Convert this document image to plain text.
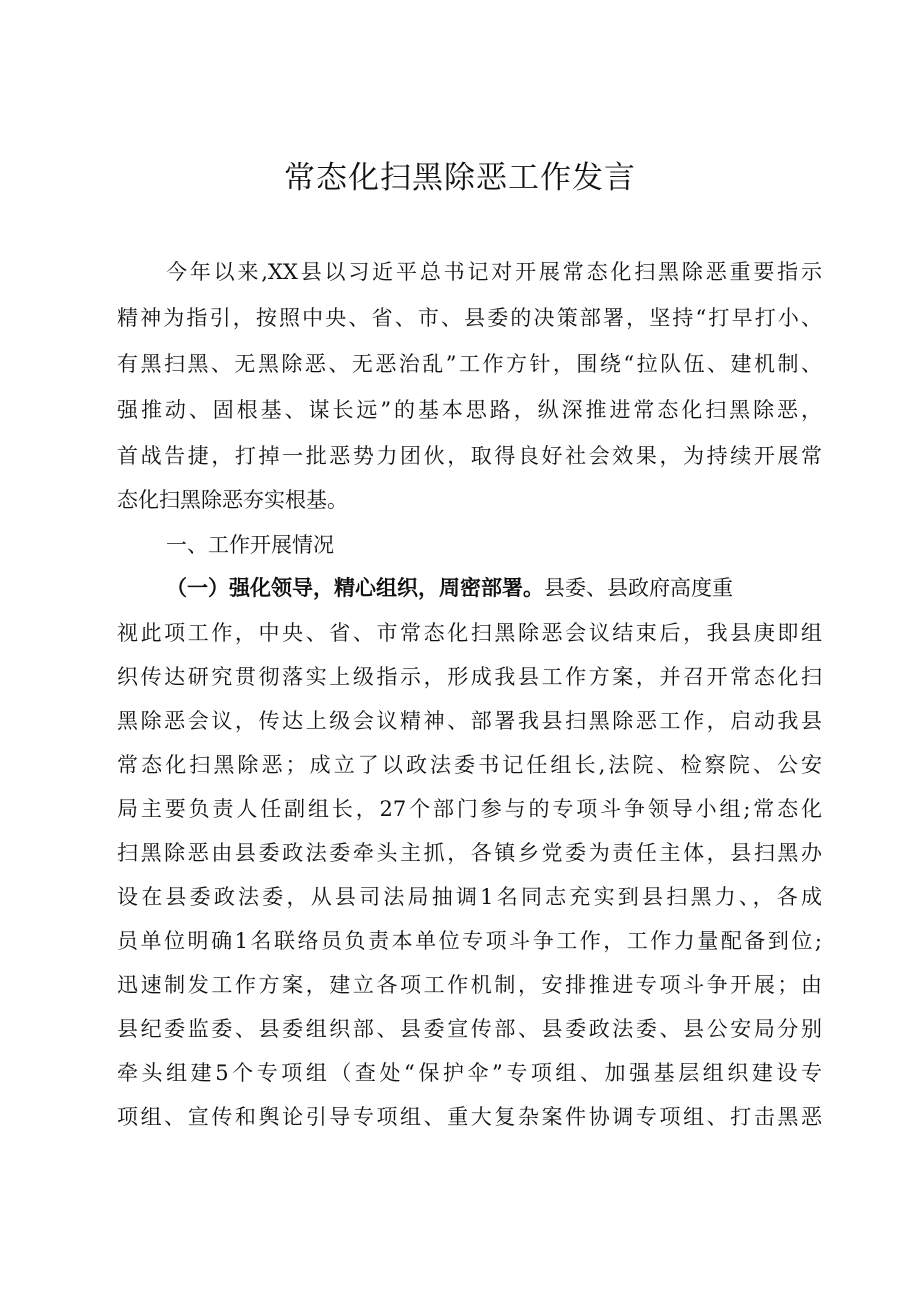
常态化扫黑除恶工作发言
今年以来,XX县以习近平总书记对开展常态化扫黑除恶重要指示
精神为指引，按照中央、省、市、县委的决策部署，坚持“打早打小、
有黑扫黑、无黑除恶、无恶治乱”工作方针，围绕“拉队伍、建机制、
强推动、固根基、谋长远”的基本思路，纵深推进常态化扫黑除恶，
首战告捷，打掉一批恶势力团伙，取得良好社会效果，为持续开展常
态化扫黑除恶夯实根基。
一、工作开展情况
（一）强化领导，精心组织，周密部署。县委、县政府高度重
视此项工作，中央、省、市常态化扫黑除恶会议结束后，我县庚即组
织传达研究贯彻落实上级指示，形成我县工作方案，并召开常态化扫
黑除恶会议，传达上级会议精神、部署我县扫黑除恶工作，启动我县
常态化扫黑除恶；成立了以政法委书记任组长,法院、检察院、公安
局主要负责人任副组长，27个部门参与的专项斗争领导小组;常态化
扫黑除恶由县委政法委牵头主抓，各镇乡党委为责任主体，县扫黑办
设在县委政法委，从县司法局抽调1名同志充实到县扫黑力、，各成
员单位明确1名联络员负责本单位专项斗争工作，工作力量配备到位;
迅速制发工作方案，建立各项工作机制，安排推进专项斗争开展；由
县纪委监委、县委组织部、县委宣传部、县委政法委、县公安局分别
牵头组建5个专项组（查处“保护伞”专项组、加强基层组织建设专
项组、宣传和舆论引导专项组、重大复杂案件协调专项组、打击黑恶
